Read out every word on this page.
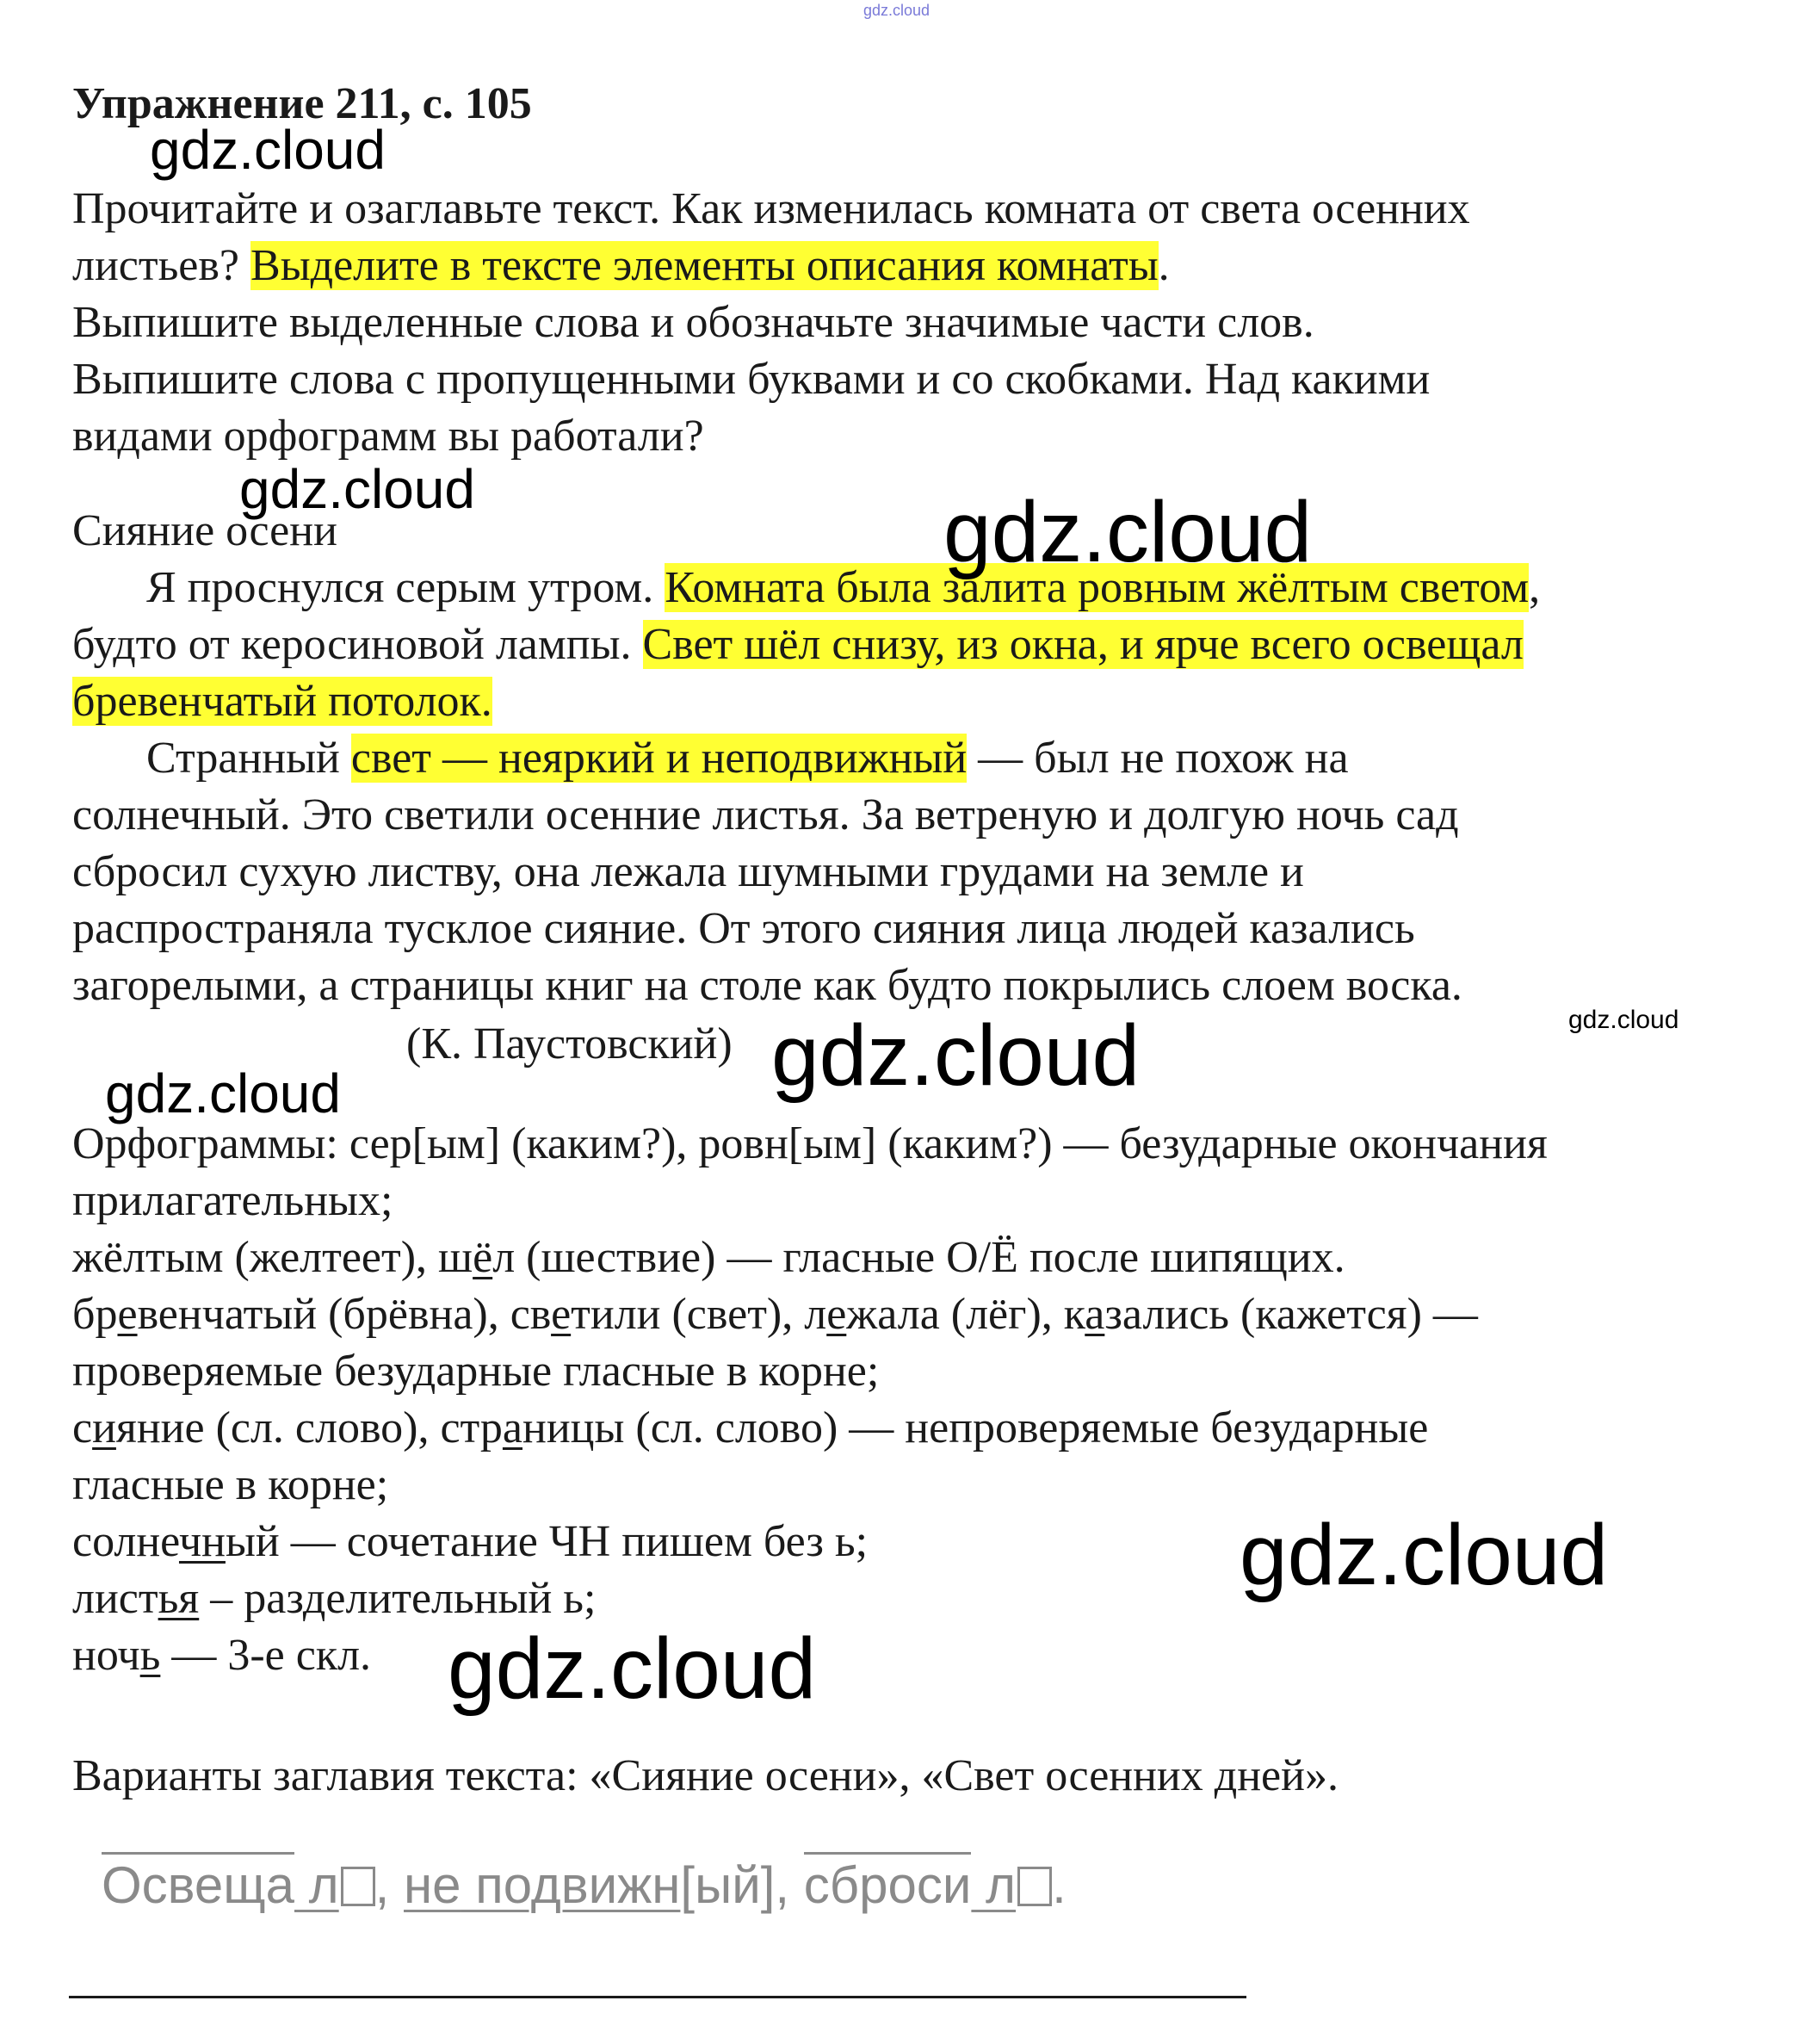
gdz.cloud
Упражнение 211, с. 105
Прочитайте и озаглавьте текст. Как изменилась комната от света осенних
листьев? Выделите в тексте элементы описания комнаты.
Выпишите выделенные слова и обозначьте значимые части слов.
Выпишите слова с пропущенными буквами и со скобками. Над какими
видами орфограмм вы работали?
Сияние осени
Я проснулся серым утром. Комната была залита ровным жёлтым светом,
будто от керосиновой лампы. Свет шёл снизу, из окна, и ярче всего освещал
бревенчатый потолок.
Странный свет — неяркий и неподвижный — был не похож на
солнечный. Это светили осенние листья. За ветреную и долгую ночь сад
сбросил сухую листву, она лежала шумными грудами на земле и
распространяла тусклое сияние. От этого сияния лица людей казались
загорелыми, а страницы книг на столе как будто покрылись слоем воска.
(К. Паустовский)
Орфограммы: сер[ым] (каким?), ровн[ым] (каким?) — безударные окончания
прилагательных;
жёлтым (желтеет), шёл (шествие) — гласные О/Ё после шипящих.
бревенчатый (брёвна), светили (свет), лежала (лёг), казались (кажется) —
проверяемые безударные гласные в корне;
сияние (сл. слово), страницы (сл. слово) — непроверяемые безударные
гласные в корне;
солнечный — сочетание ЧН пишем без ь;
листья – разделительный ь;
ночь — 3-е скл.
Варианты заглавия текста: «Сияние осени», «Свет осенних дней».
Освеща л , не подвижн[ый], сброси л .
gdz.cloud
gdz.cloud	gdz.cloud
gdz.cloud
gdz.cloud
gdz.cloud
gdz.cloud
gdz.cloud
